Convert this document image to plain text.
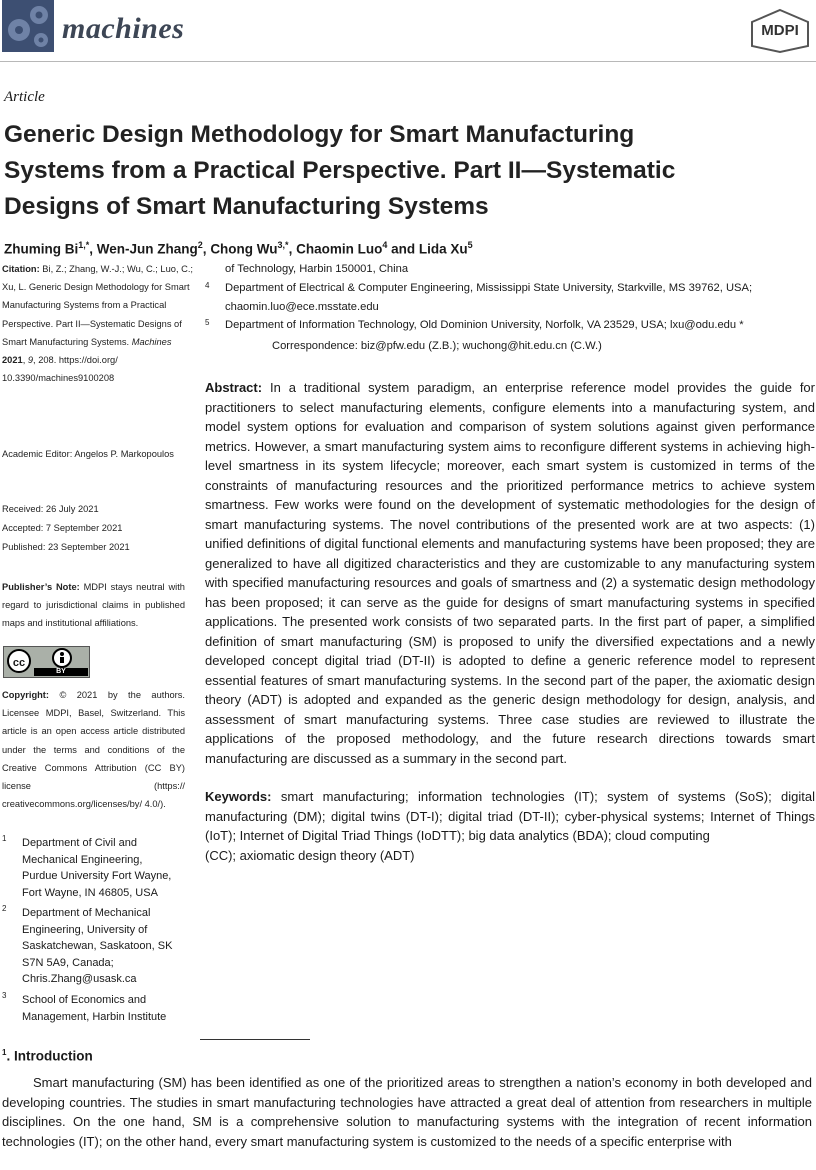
machines	MDPI
Article
Generic Design Methodology for Smart Manufacturing Systems from a Practical Perspective. Part II—Systematic Designs of Smart Manufacturing Systems
Zhuming $Bi^{1,*}$, Wen-Jun Zhang$^2$, Chong $Wu^{3,*}$, Chaomin Luo$^4$ and Lida Xu$^5$
Citation: Bi, Z.; Zhang, W.-J.; Wu, C.; Luo, C.; Xu, L. Generic Design Methodology for Smart Manufacturing Systems from a Practical Perspective. Part II—Systematic Designs of Smart Manufacturing Systems. Machines 2021, 9, 208. https://doi.org/ 10.3390/machines9100208
Academic Editor: Angelos P. Markopoulos
Received: 26 July 2021
Accepted: 7 September 2021
Published: 23 September 2021
Publisher’s Note: MDPI stays neutral with regard to jurisdictional claims in published maps and institutional affiliations.
cc
BY
Copyright: © 2021 by the authors. Licensee MDPI, Basel, Switzerland. This article is an open access article distributed under the terms and conditions of the Creative Commons Attribution (CC BY) license (https:// creativecommons.org/licenses/by/ 4.0/).
1 Department of Civil and
Mechanical Engineering,
Purdue University Fort Wayne,
Fort Wayne, IN 46805, USA
2 Department of Mechanical
Engineering, University of
Saskatchewan, Saskatoon, SK
S7N 5A9, Canada;
Chris.Zhang@usask.ca
3 School of Economics and
Management, Harbin Institute
of Technology, Harbin 150001, China
4 Department of Electrical & Computer Engineering, Mississippi State University, Starkville, MS 39762, USA;
chaomin.luo@ece.msstate.edu
5 Department of Information Technology, Old Dominion University, Norfolk, VA 23529, USA; lxu@odu.edu *
Correspondence: biz@pfw.edu (Z.B.); wuchong@hit.edu.cn (C.W.)
Abstract: In a traditional system paradigm, an enterprise reference model provides the guide for practitioners to select manufacturing elements, configure elements into a manufacturing system, and model system options for evaluation and comparison of system solutions against given performance metrics. However, a smart manufacturing system aims to reconfigure different systems in achieving high-level smartness in its system lifecycle; moreover, each smart system is customized in terms of the constraints of manufacturing resources and the prioritized performance metrics to achieve system smartness. Few works were found on the development of systematic methodologies for the design of smart manufacturing systems. The novel contributions of the presented work are at two aspects: (1) unified definitions of digital functional elements and manufacturing systems have been proposed; they are generalized to have all digitized characteristics and they are customizable to any manufacturing system with specified manufacturing resources and goals of smartness and (2) a systematic design methodology has been proposed; it can serve as the guide for designs of smart manufacturing systems in specified applications. The presented work consists of two separated parts. In the first part of paper, a simplified definition of smart manufacturing (SM) is proposed to unify the diversified expectations and a newly developed concept digital triad (DT-II) is adopted to define a generic reference model to represent essential features of smart manufacturing systems. In the second part of the paper, the axiomatic design theory (ADT) is adopted and expanded as the generic design methodology for design, analysis, and assessment of smart manufacturing systems. Three case studies are reviewed to illustrate the applications of the proposed methodology, and the future research directions towards smart manufacturing are discussed as a summary in the second part.
Keywords: smart manufacturing; information technologies (IT); system of systems (SoS); digital manufacturing (DM); digital twins (DT-I); digital triad (DT-II); cyber-physical systems; Internet of Things (IoT); Internet of Digital Triad Things (IoDTT); big data analytics (BDA); cloud computing
(CC); axiomatic design theory (ADT)
$^1$. Introduction
Smart manufacturing (SM) has been identified as one of the prioritized areas to strengthen a nation’s economy in both developed and developing countries. The studies in smart manufacturing technologies have attracted a great deal of attention from researchers in multiple disciplines. On the one hand, SM is a comprehensive solution to manufacturing systems with the integration of recent information technologies (IT); on the other hand, every smart manufacturing system is customized to the needs of a specific enterprise with
